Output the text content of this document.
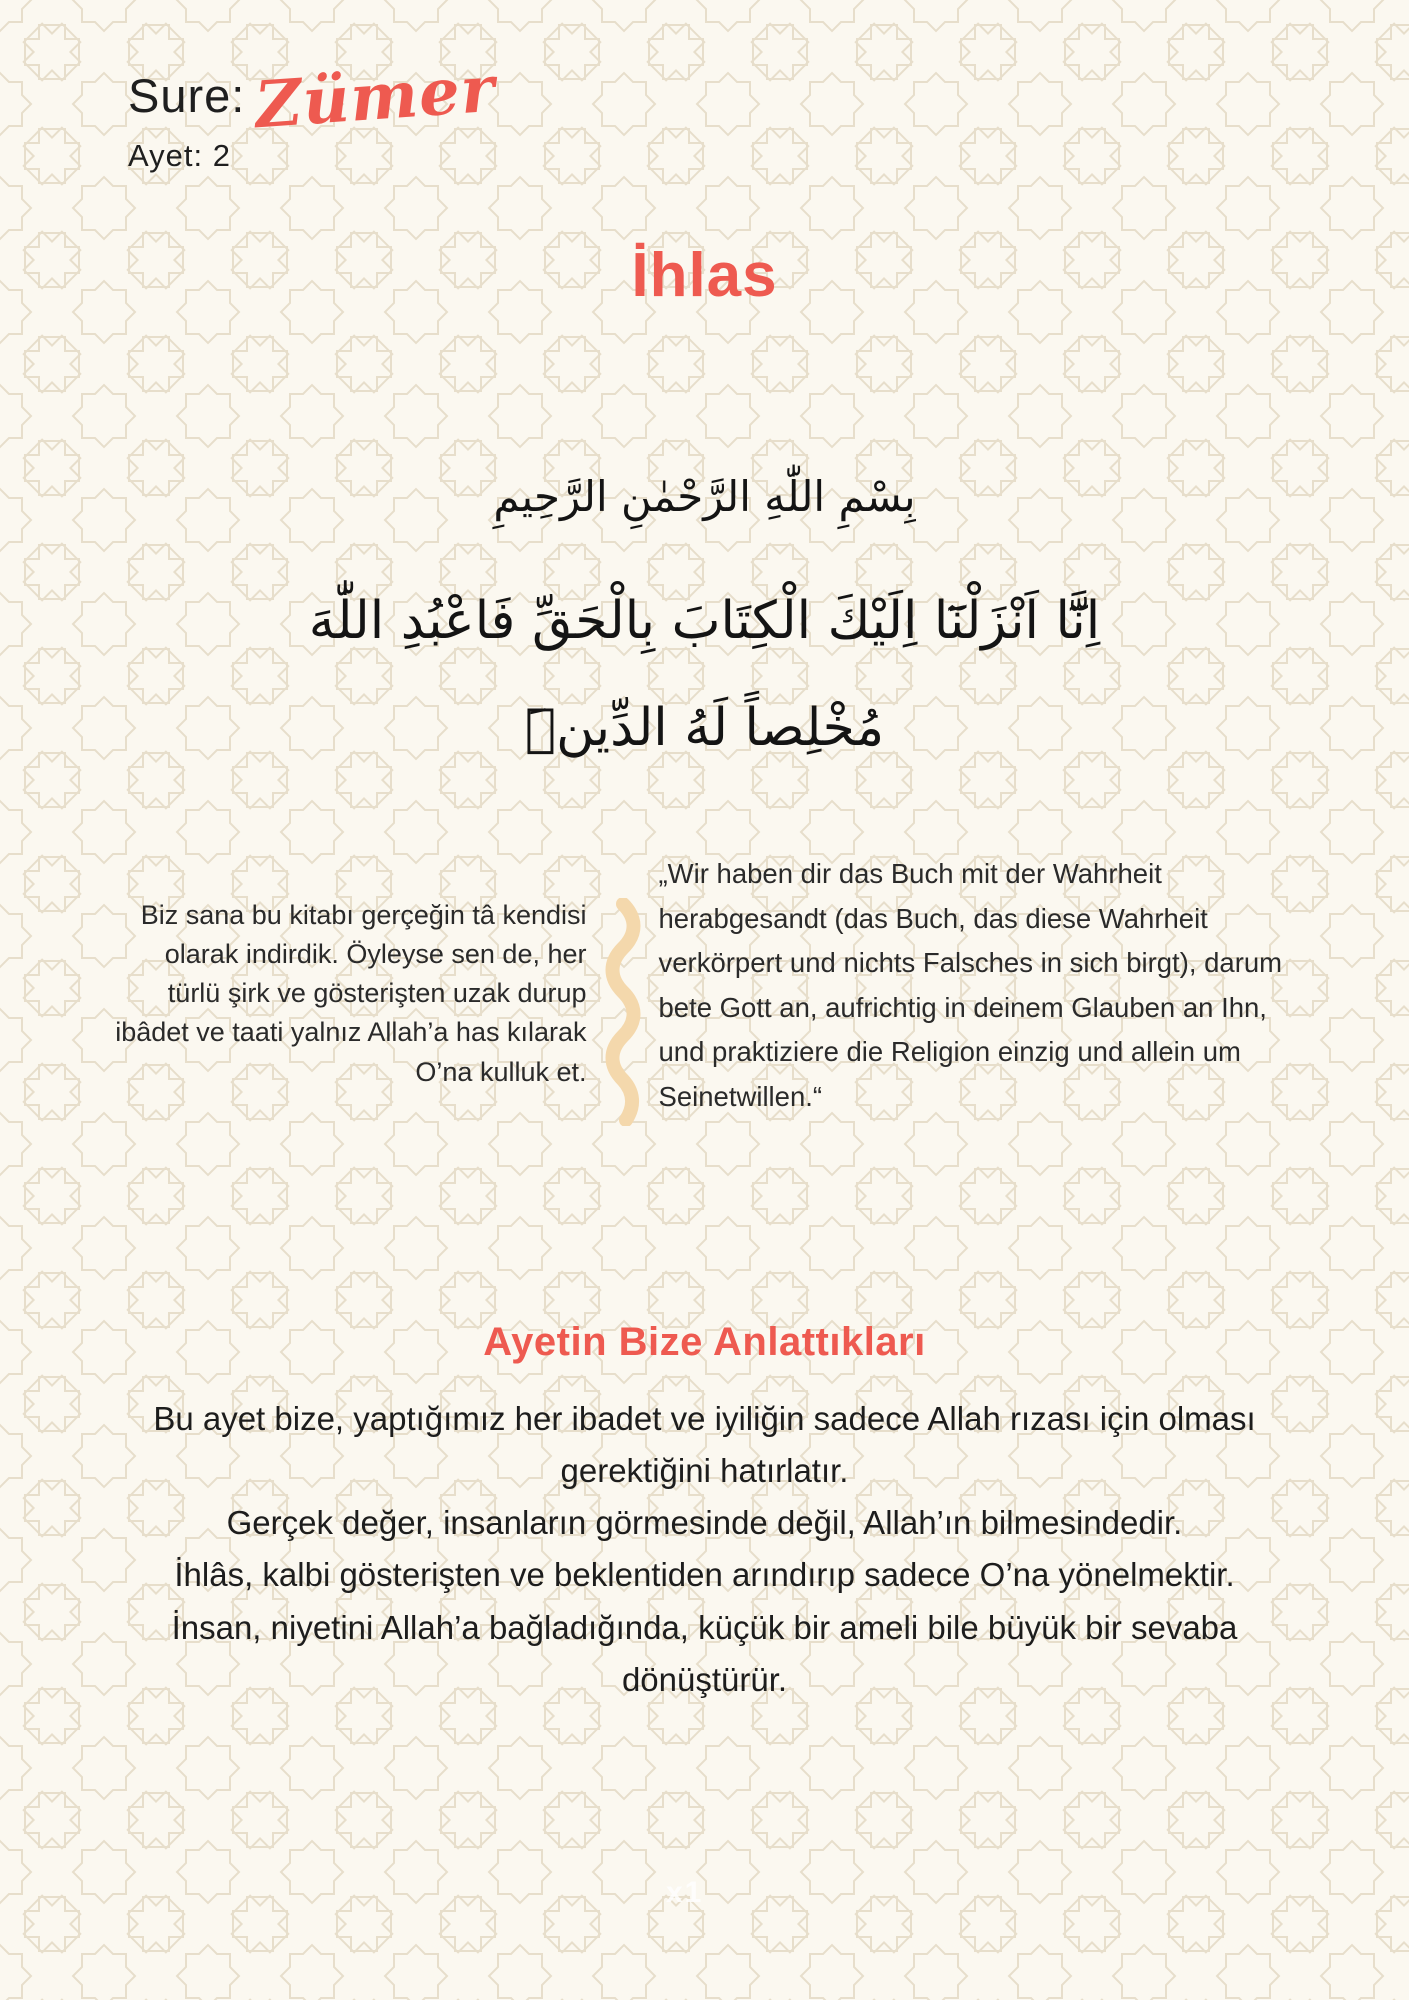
Sure: Zümer
Ayet: 2
İhlas
بِسْمِ اللّٰهِ الرَّحْمٰنِ الرَّحِيمِ
اِنَّٓا اَنْزَلْنَٓا اِلَيْكَ الْكِتَابَ بِالْحَقِّ فَاعْبُدِ اللّٰهَ
مُخْلِصاً لَهُ الدِّينَۜ
Biz sana bu kitabı gerçeğin tâ kendisi olarak indirdik. Öyleyse sen de, her türlü şirk ve gösterişten uzak durup ibâdet ve taati yalnız Allah’a has kılarak O’na kulluk et.
„Wir haben dir das Buch mit der Wahrheit herabgesandt (das Buch, das diese Wahrheit verkörpert und nichts Falsches in sich birgt), darum bete Gott an, aufrichtig in deinem Glauben an Ihn, und praktiziere die Religion einzig und allein um Seinetwillen.“
Ayetin Bize Anlattıkları

Bu ayet bize, yaptığımız her ibadet ve iyiliğin sadece Allah rızası için olması gerektiğini hatırlatır.

Gerçek değer, insanların görmesinde değil, Allah’ın bilmesindedir.

İhlâs, kalbi gösterişten ve beklentiden arındırıp sadece O’na yönelmektir.

İnsan, niyetini Allah’a bağladığında, küçük bir ameli bile büyük bir sevaba dönüştürür.

x1
